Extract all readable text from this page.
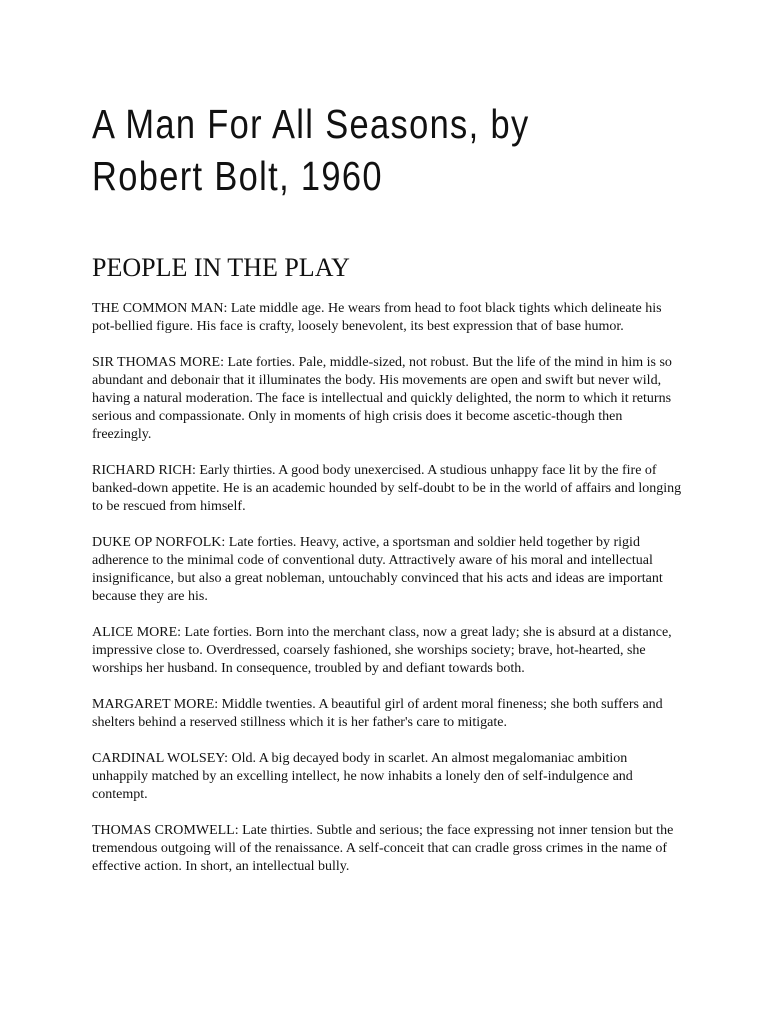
A Man For All Seasons, by
Robert Bolt, 1960
PEOPLE IN THE PLAY

THE COMMON MAN: Late middle age. He wears from head to foot black tights which delineate his pot-bellied figure. His face is crafty, loosely benevolent, its best expression that of base humor.

SIR THOMAS MORE: Late forties. Pale, middle-sized, not robust. But the life of the mind in him is so abundant and debonair that it illuminates the body. His movements are open and swift but never wild, having a natural moderation. The face is intellectual and quickly delighted, the norm to which it returns serious and compassionate. Only in moments of high crisis does it become ascetic-though then freezingly.

RICHARD RICH: Early thirties. A good body unexercised. A studious unhappy face lit by the fire of banked-down appetite. He is an academic hounded by self-doubt to be in the world of affairs and longing to be rescued from himself.

DUKE OP NORFOLK: Late forties. Heavy, active, a sportsman and soldier held together by rigid adherence to the minimal code of conventional duty. Attractively aware of his moral and intellectual insignificance, but also a great nobleman, untouchably convinced that his acts and ideas are important because they are his.

ALICE MORE: Late forties. Born into the merchant class, now a great lady; she is absurd at a distance, impressive close to. Overdressed, coarsely fashioned, she worships society; brave, hot-hearted, she worships her husband. In consequence, troubled by and defiant towards both.

MARGARET MORE: Middle twenties. A beautiful girl of ardent moral fineness; she both suffers and shelters behind a reserved stillness which it is her father's care to mitigate.

CARDINAL WOLSEY: Old. A big decayed body in scarlet. An almost megalomaniac ambition unhappily matched by an excelling intellect, he now inhabits a lonely den of self-indulgence and contempt.

THOMAS CROMWELL: Late thirties. Subtle and serious; the face expressing not inner tension but the tremendous outgoing will of the renaissance. A self-conceit that can cradle gross crimes in the name of effective action. In short, an intellectual bully.
